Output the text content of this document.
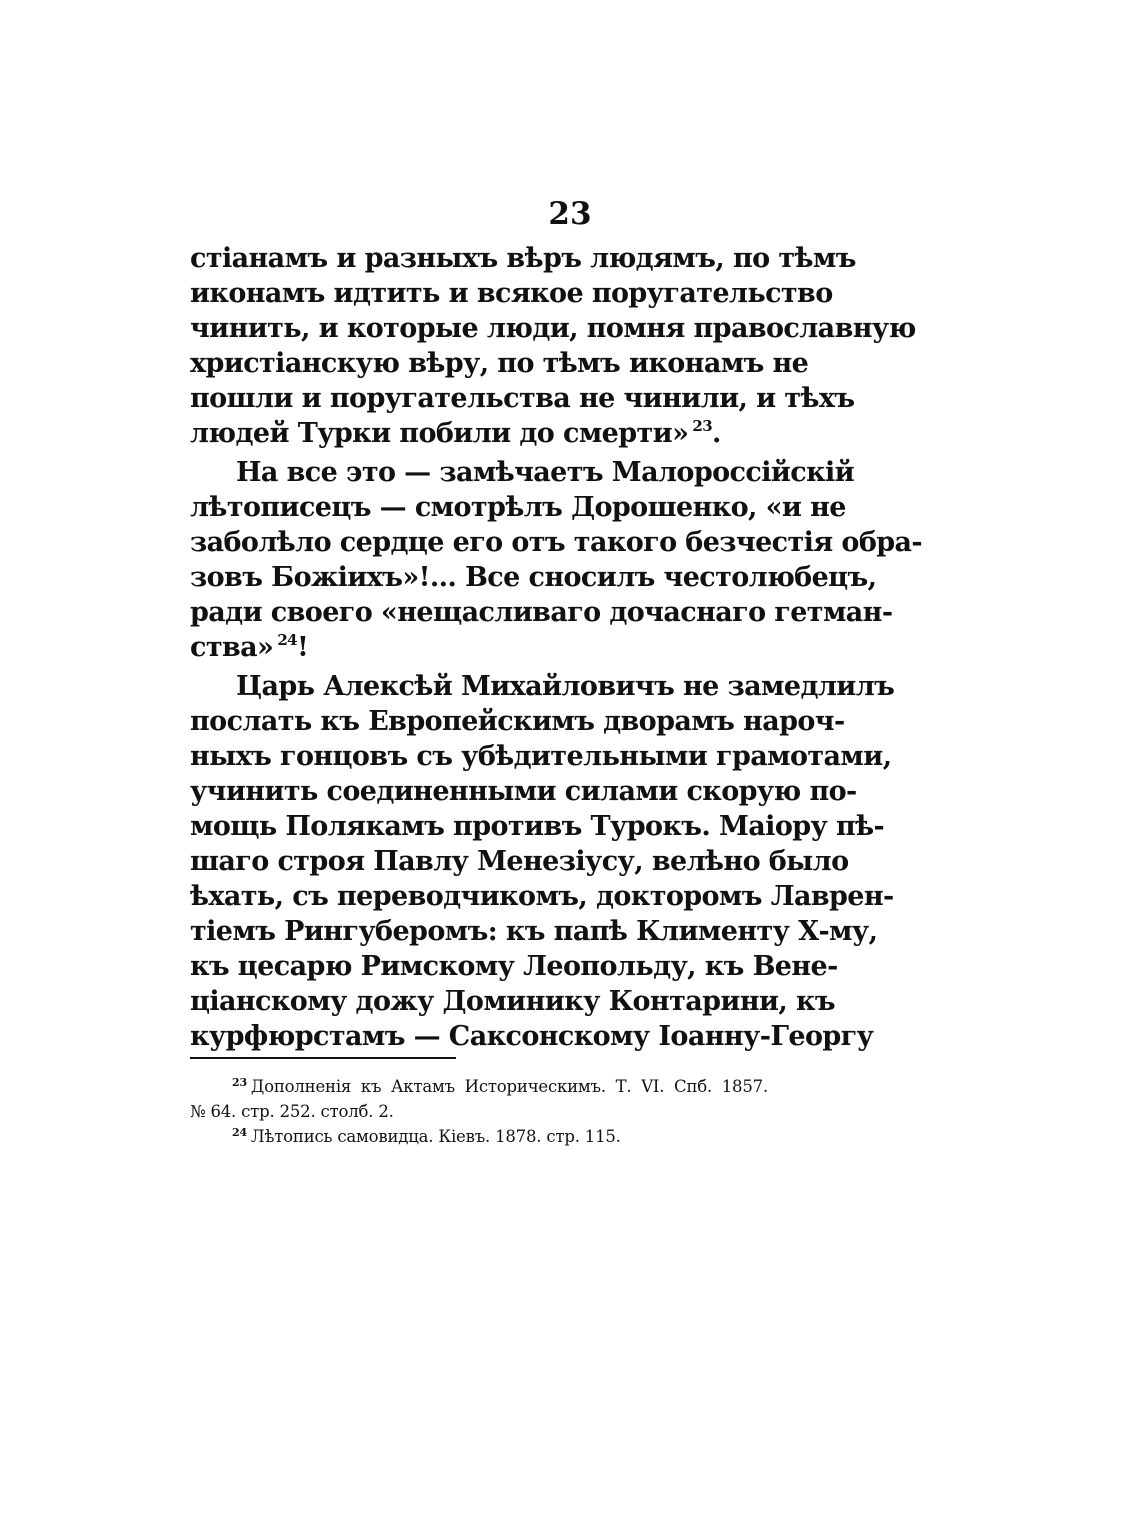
23
стіанамъ и разныхъ вѣръ людямъ, по тѣмъ
иконамъ идтить и всякое поругательство
чинить, и которые люди, помня православную
христіанскую вѣру, по тѣмъ иконамъ не
пошли и поругательства не чинили, и тѣхъ
людей Турки побили до смерти» $^{23}$.
На все это — замѣчаетъ Малороссійскій
лѣтописецъ — смотрѣлъ Дорошенко, «и не
заболѣло сердце его отъ такого безчестія обра-
зовъ Божіихъ»!... Все сносилъ честолюбецъ,
ради своего «нещасливаго дочаснаго гетман-
ства» $^{24}$!
Царь Алексѣй Михайловичъ не замедлилъ
послать къ Европейскимъ дворамъ нароч-
ныхъ гонцовъ съ убѣдительными грамотами,
учинить соединенными силами скорую по-
мощь Полякамъ противъ Турокъ. Маіору пѣ-
шаго строя Павлу Менезіусу, велѣно было
ѣхать, съ переводчикомъ, докторомъ Лаврен-
тіемъ Рингуберомъ: къ папѣ Клименту Х-му,
къ цесарю Римскому Леопольду, къ Вене-
ціанскому дожу Доминику Контарини, къ
курфюрстамъ — Саксонскому Іоанну-Георгу
$^{23}$ Дополненія къ Актамъ Историческимъ. Т. VI. Спб. 1857.
№ 64. стр. 252. столб. 2.
$^{24}$ Лѣтопись самовидца. Кіевъ. 1878. стр. 115.
